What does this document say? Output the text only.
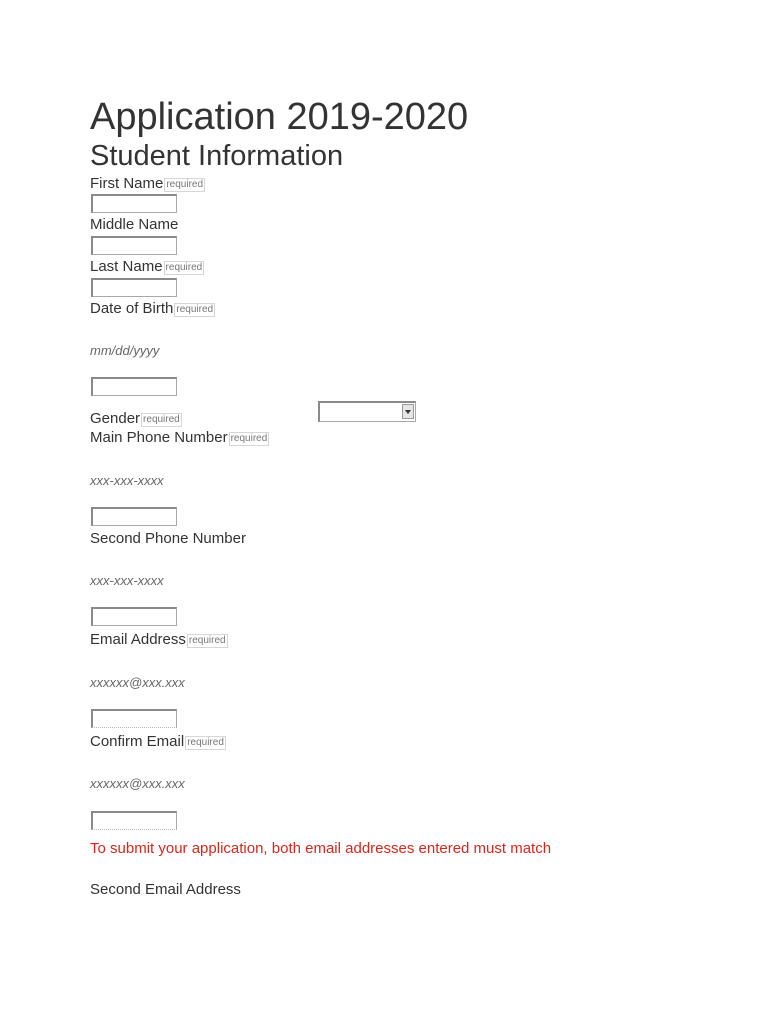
Application 2019-2020
Student Information
First Name required
Middle Name
Last Name required
Date of Birth required
mm/dd/yyyy
Gender required
Main Phone Number required
xxx-xxx-xxxx
Second Phone Number
xxx-xxx-xxxx
Email Address required
xxxxxx@xxx.xxx
Confirm Email required
xxxxxx@xxx.xxx
To submit your application, both email addresses entered must match
Second Email Address
